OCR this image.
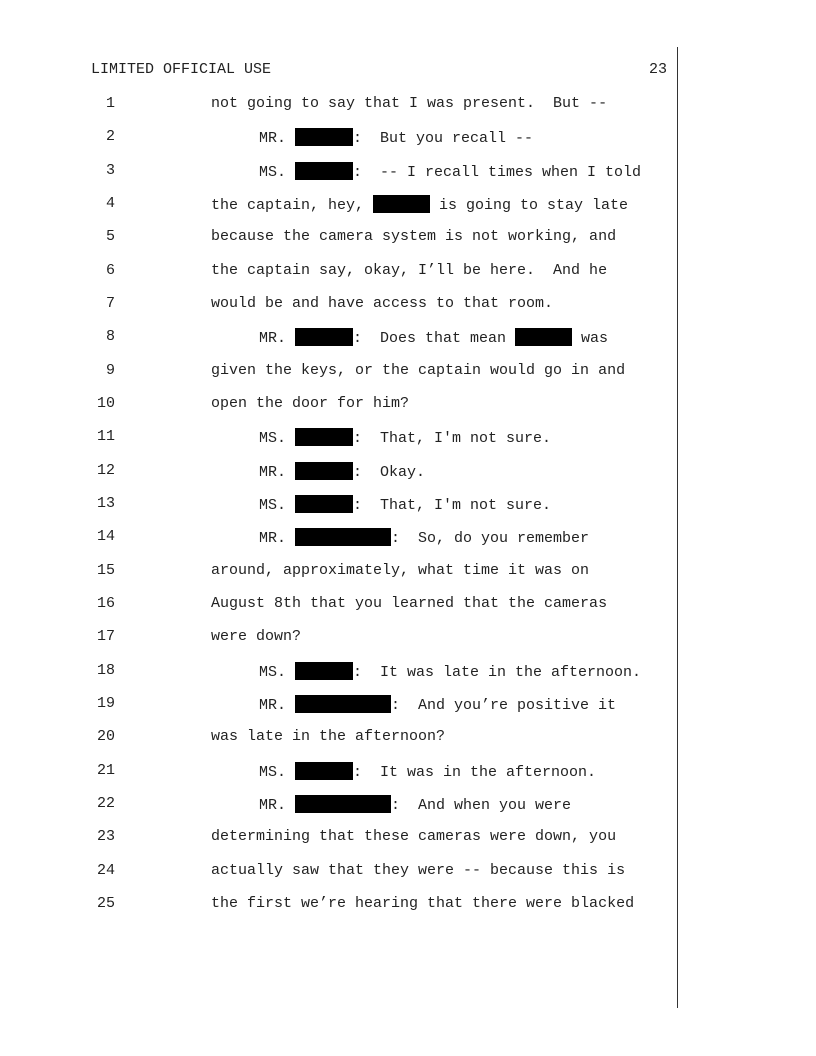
LIMITED OFFICIAL USE	23
1	not going to say that I was present.  But --
2	MR.	:  But you recall --
3	MS.	:  -- I recall times when I told
4	the captain, hey,	is going to stay late
5	because the camera system is not working, and
6	the captain say, okay, I’ll be here.  And he
7	would be and have access to that room.
8	MR.	:  Does that mean	was
9	given the keys, or the captain would go in and
10	open the door for him?
11	MS.	:  That, I'm not sure.
12	MR.	:  Okay.
13	MS.	:  That, I'm not sure.
14	MR.	:  So, do you remember
15	around, approximately, what time it was on
16	August 8th that you learned that the cameras
17	were down?
18	MS.	:  It was late in the afternoon.
19	MR.	:  And you’re positive it
20	was late in the afternoon?
21	MS.	:  It was in the afternoon.
22	MR.	:  And when you were
23	determining that these cameras were down, you
24	actually saw that they were -- because this is
25	the first we’re hearing that there were blacked
